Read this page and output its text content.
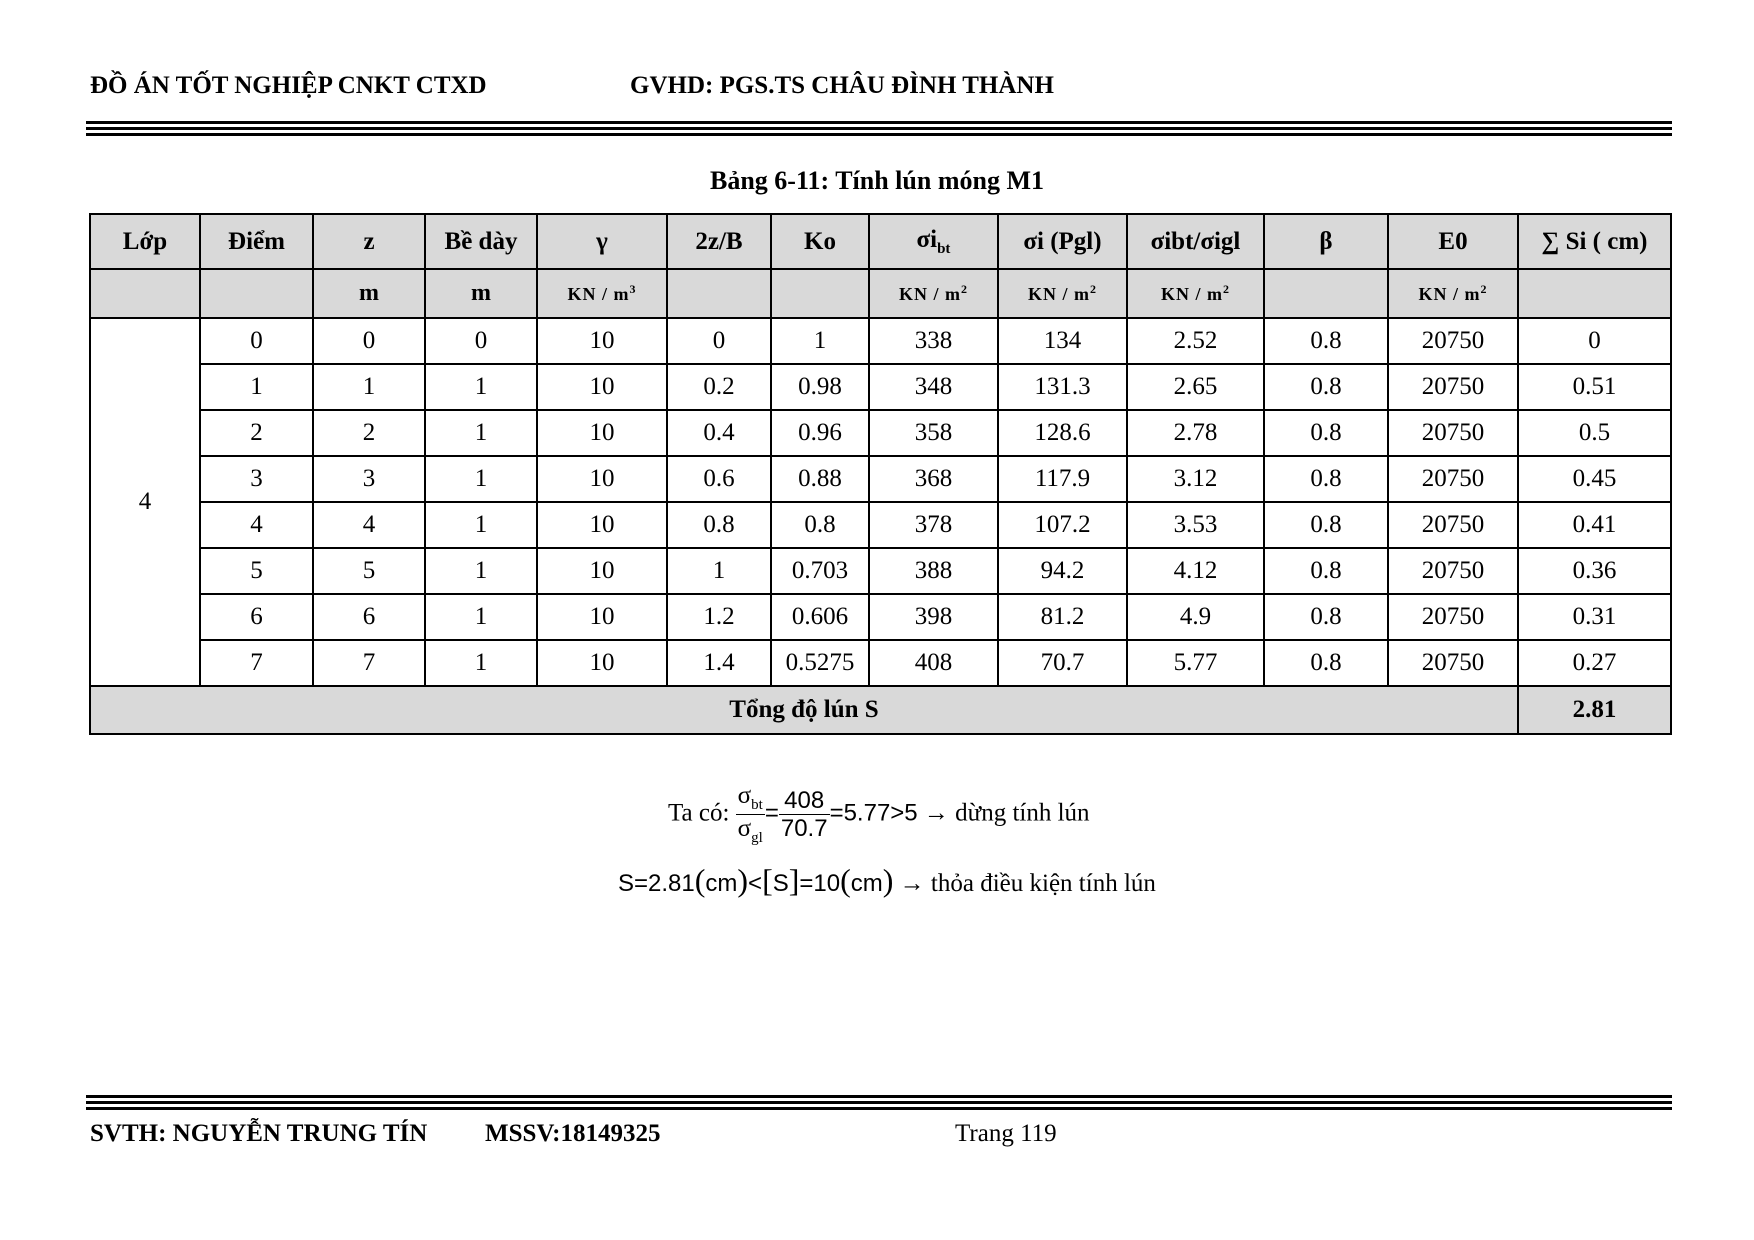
ĐỒ ÁN TỐT NGHIỆP CNKT CTXD	GVHD: PGS.TS CHÂU ĐÌNH THÀNH
Bảng 6-11: Tính lún móng M1
Lớp	Điểm	z	Bề dày	γ	2z/B	Ko	$\sigma i_{bt}$	σi (Pgl)	σibt/σigl	β	E0	∑ Si ( cm)
		m	m	KN / $m^3$			KN / $m^2$	KN / $m^2$	KN / $m^2$		KN / $m^2$	
4	0	0	0	10	0	1	338	134	2.52	0.8	20750	0
	1	1	1	10	0.2	0.98	348	131.3	2.65	0.8	20750	0.51
	2	2	1	10	0.4	0.96	358	128.6	2.78	0.8	20750	0.5
	3	3	1	10	0.6	0.88	368	117.9	3.12	0.8	20750	0.45
	4	4	1	10	0.8	0.8	378	107.2	3.53	0.8	20750	0.41
	5	5	1	10	1	0.703	388	94.2	4.12	0.8	20750	0.36
	6	6	1	10	1.2	0.606	398	81.2	4.9	0.8	20750	0.31
	7	7	1	10	1.4	0.5275	408	70.7	5.77	0.8	20750	0.27
Tổng độ lún S												2.81
Ta có: $\frac{\sigma_{bt}}{\sigma_{gl}} = \frac{408}{70.7} =5.77>5$ → dừng tính lún
S=2.81(cm)<[S]=10(cm) → thỏa điều kiện tính lún
SVTH: NGUYỄN TRUNG TÍN MSSV:18149325	Trang 119
